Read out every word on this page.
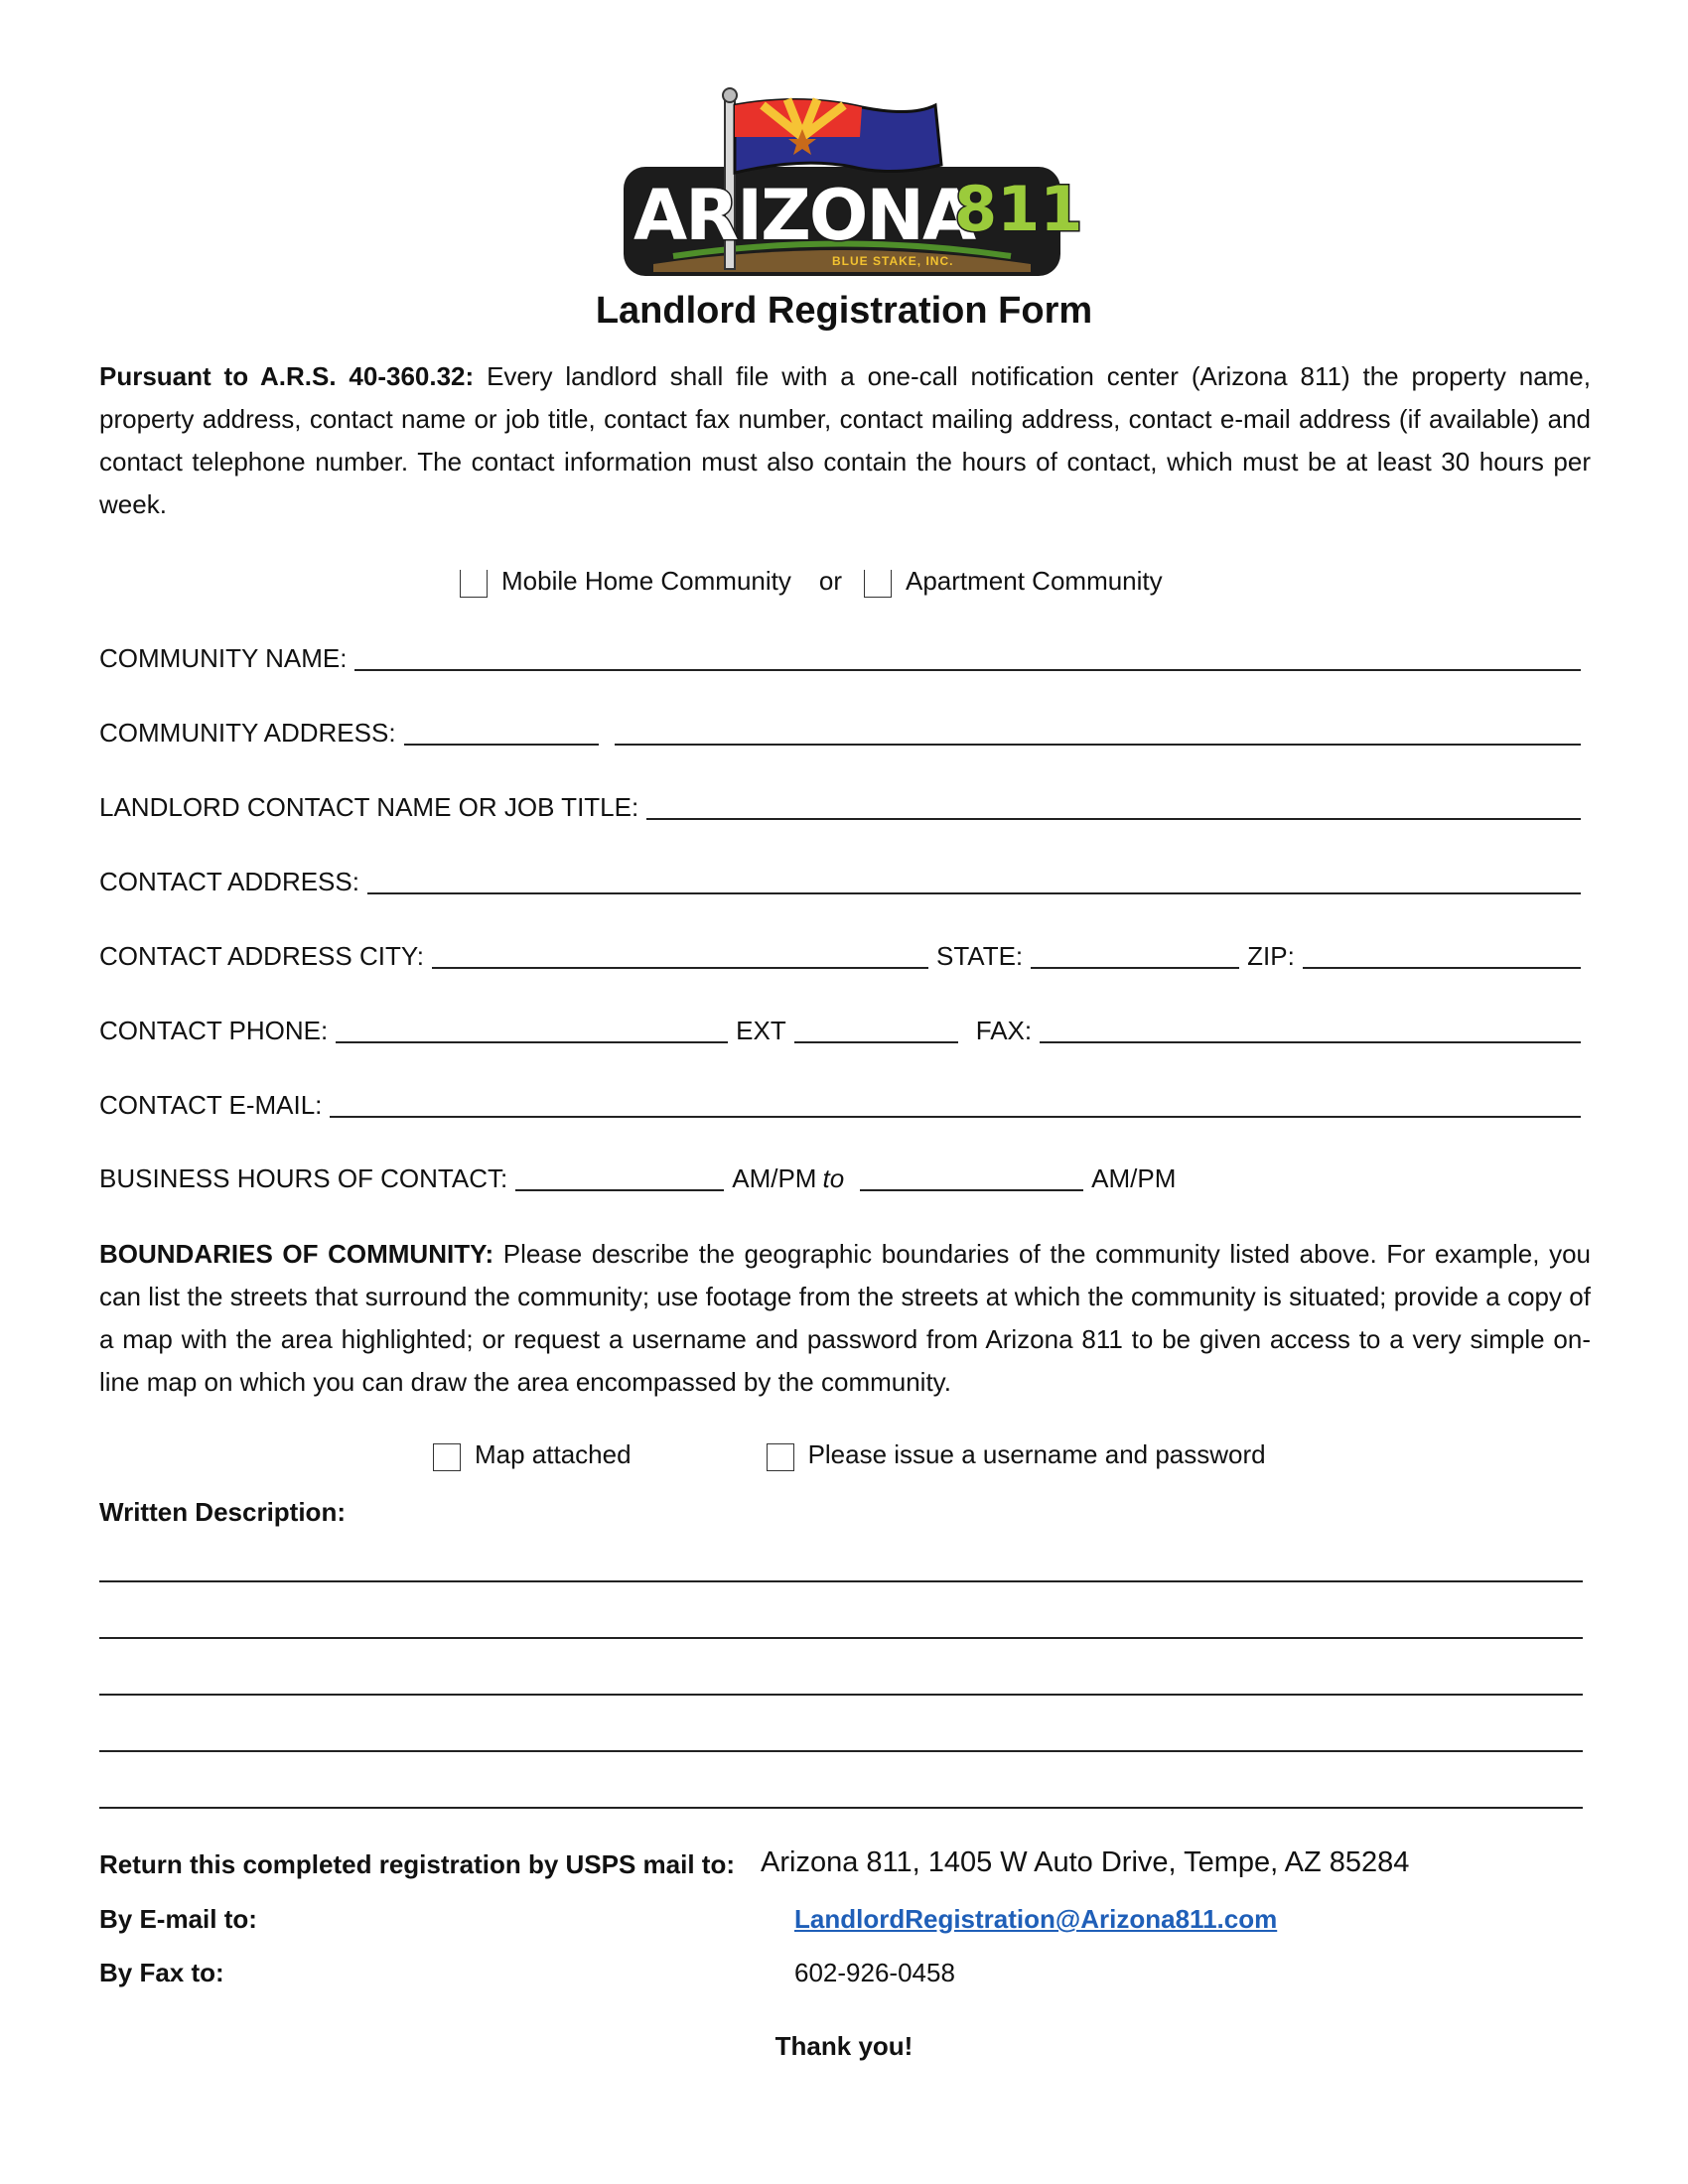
ARIZONA
811
BLUE STAKE, INC.
Landlord Registration Form
Pursuant to A.R.S. 40-360.32: Every landlord shall file with a one-call notification center (Arizona 811) the property name, property address, contact name or job title, contact fax number, contact mailing address, contact e-mail address (if available) and contact telephone number. The contact information must also contain the hours of contact, which must be at least 30 hours per week.
Mobile Home Community or Apartment Community
COMMUNITY NAME:
COMMUNITY ADDRESS:
LANDLORD CONTACT NAME OR JOB TITLE:
CONTACT ADDRESS:
CONTACT ADDRESS CITY:	STATE:	ZIP:
CONTACT PHONE:	EXT	FAX:
CONTACT E-MAIL:
BUSINESS HOURS OF CONTACT:	AM/PM to	AM/PM
BOUNDARIES OF COMMUNITY: Please describe the geographic boundaries of the community listed above. For example, you can list the streets that surround the community; use footage from the streets at which the community is situated; provide a copy of a map with the area highlighted; or request a username and password from Arizona 811 to be given access to a very simple on-line map on which you can draw the area encompassed by the community.
Map attached	Please issue a username and password
Written Description:
Return this completed registration by USPS mail to: Arizona 811, 1405 W Auto Drive, Tempe, AZ 85284
By E-mail to:	LandlordRegistration@Arizona811.com
By Fax to:	602-926-0458
Thank you!
